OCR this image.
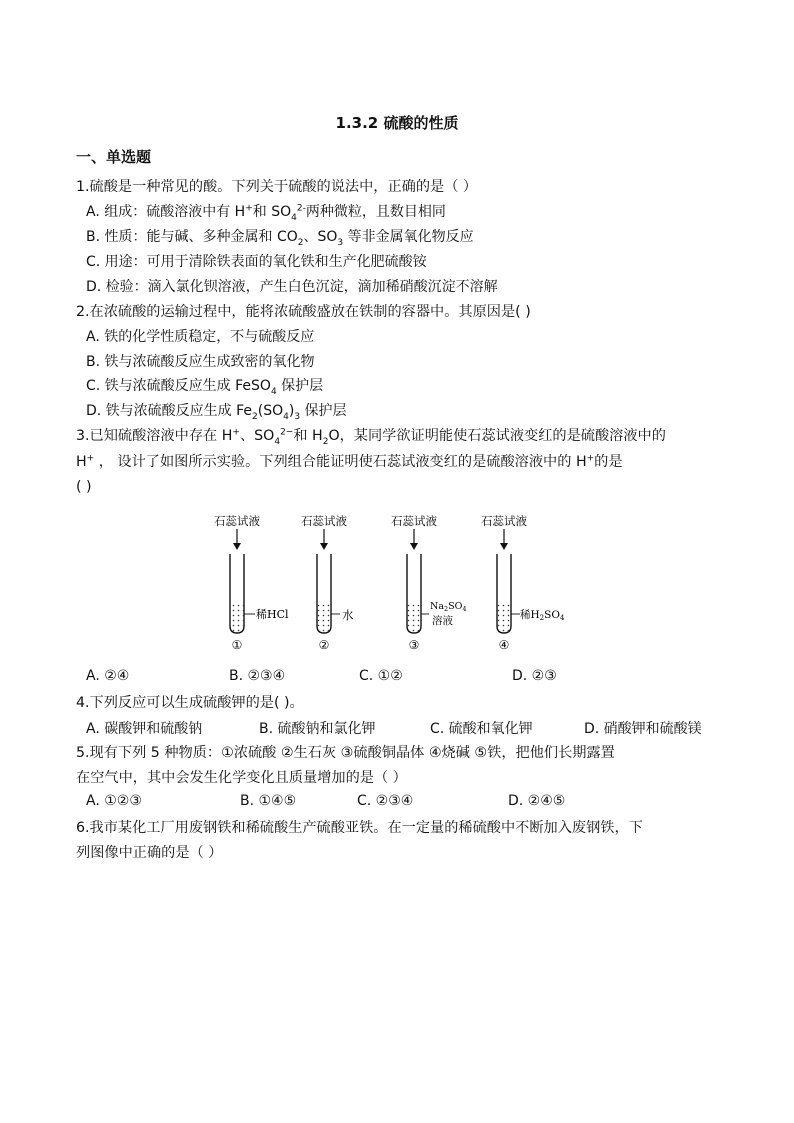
1.3.2 硫酸的性质
一、单选题
1.硫酸是一种常见的酸。下列关于硫酸的说法中，正确的是（ ）
A. 组成：硫酸溶液中有 H+和 $SO_4^{2-}$两种微粒，且数目相同
B. 性质：能与碱、多种金属和 $CO_2$、$SO_3$ 等非金属氧化物反应
C. 用途：可用于清除铁表面的氧化铁和生产化肥硫酸铵
D. 检验：滴入氯化钡溶液，产生白色沉淀，滴加稀硝酸沉淀不溶解
2.在浓硫酸的运输过程中，能将浓硫酸盛放在铁制的容器中。其原因是( )
A. 铁的化学性质稳定，不与硫酸反应
B. 铁与浓硫酸反应生成致密的氧化物
C. 铁与浓硫酸反应生成 FeSO$_4$ 保护层
D. 铁与浓硫酸反应生成 $Fe_2(SO_4)_3$ 保护层
3.已知硫酸溶液中存在 H+、$SO_4^{2-}$和 $H_2O$，某同学欲证明能使石蕊试液变红的是硫酸溶液中的
H+ ， 设计了如图所示实验。下列组合能证明使石蕊试液变红的是硫酸溶液中的 H+的是
( )
石蕊试液
稀HCl
①
石蕊试液
水
②
石蕊试液
$Na_2SO_4$
溶液
③
石蕊试液
稀H2SO4
④
A. ②④	B. ②③④	C. ①②	D. ②③
4.下列反应可以生成硫酸钾的是( )。
A. 碳酸钾和硫酸钠	B. 硫酸钠和氯化钾	C. 硫酸和氧化钾	D. 硝酸钾和硫酸镁
5.现有下列 5 种物质：①浓硫酸 ②生石灰 ③硫酸铜晶体 ④烧碱 ⑤铁，把他们长期露置
在空气中，其中会发生化学变化且质量增加的是（ ）
A. ①②③	B. ①④⑤	C. ②③④	D. ②④⑤
6.我市某化工厂用废钢铁和稀硫酸生产硫酸亚铁。在一定量的稀硫酸中不断加入废钢铁，下
列图像中正确的是（ ）
